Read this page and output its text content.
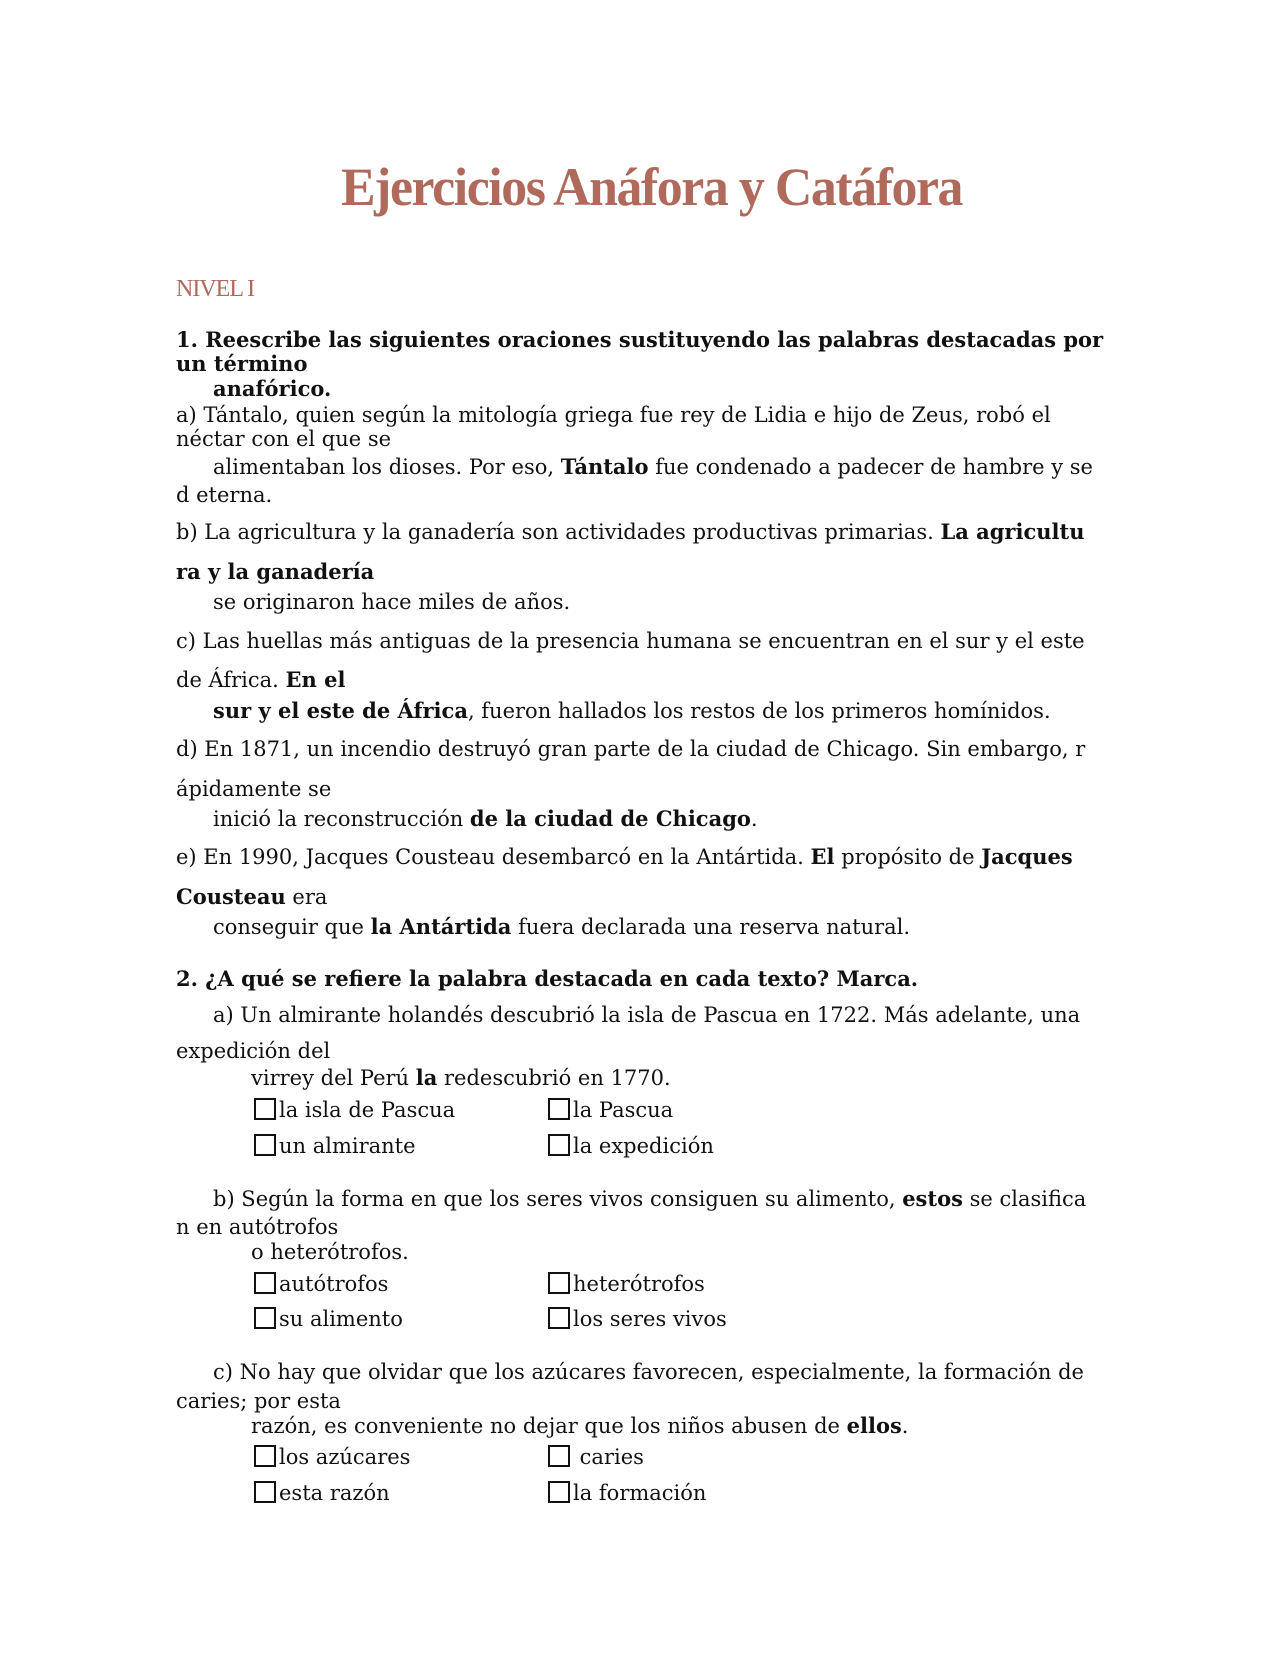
Ejercicios Anáfora y Catáfora
NIVEL I
1. Reescribe las siguientes oraciones sustituyendo las palabras destacadas por
un término
anafórico.
a) Tántalo, quien según la mitología griega fue rey de Lidia e hijo de Zeus, robó el
néctar con el que se
alimentaban los dioses. Por eso, Tántalo fue condenado a padecer de hambre y se
d eterna.
b) La agricultura y la ganadería son actividades productivas primarias. La agricultu
ra y la ganadería
se originaron hace miles de años.
c) Las huellas más antiguas de la presencia humana se encuentran en el sur y el este
de África. En el
sur y el este de África, fueron hallados los restos de los primeros homínidos.
d) En 1871, un incendio destruyó gran parte de la ciudad de Chicago. Sin embargo, r
ápidamente se
inició la reconstrucción de la ciudad de Chicago.
e) En 1990, Jacques Cousteau desembarcó en la Antártida. El propósito de Jacques
Cousteau era
conseguir que la Antártida fuera declarada una reserva natural.
2. ¿A qué se refiere la palabra destacada en cada texto? Marca.
a) Un almirante holandés descubrió la isla de Pascua en 1722. Más adelante, una
expedición del
virrey del Perú la redescubrió en 1770.
la isla de Pascua	la Pascua
un almirante	la expedición
b) Según la forma en que los seres vivos consiguen su alimento, estos se clasifica
n en autótrofos
o heterótrofos.
autótrofos	heterótrofos
su alimento	los seres vivos
c) No hay que olvidar que los azúcares favorecen, especialmente, la formación de
caries; por esta
razón, es conveniente no dejar que los niños abusen de ellos.
los azúcares	caries
esta razón	la formación
